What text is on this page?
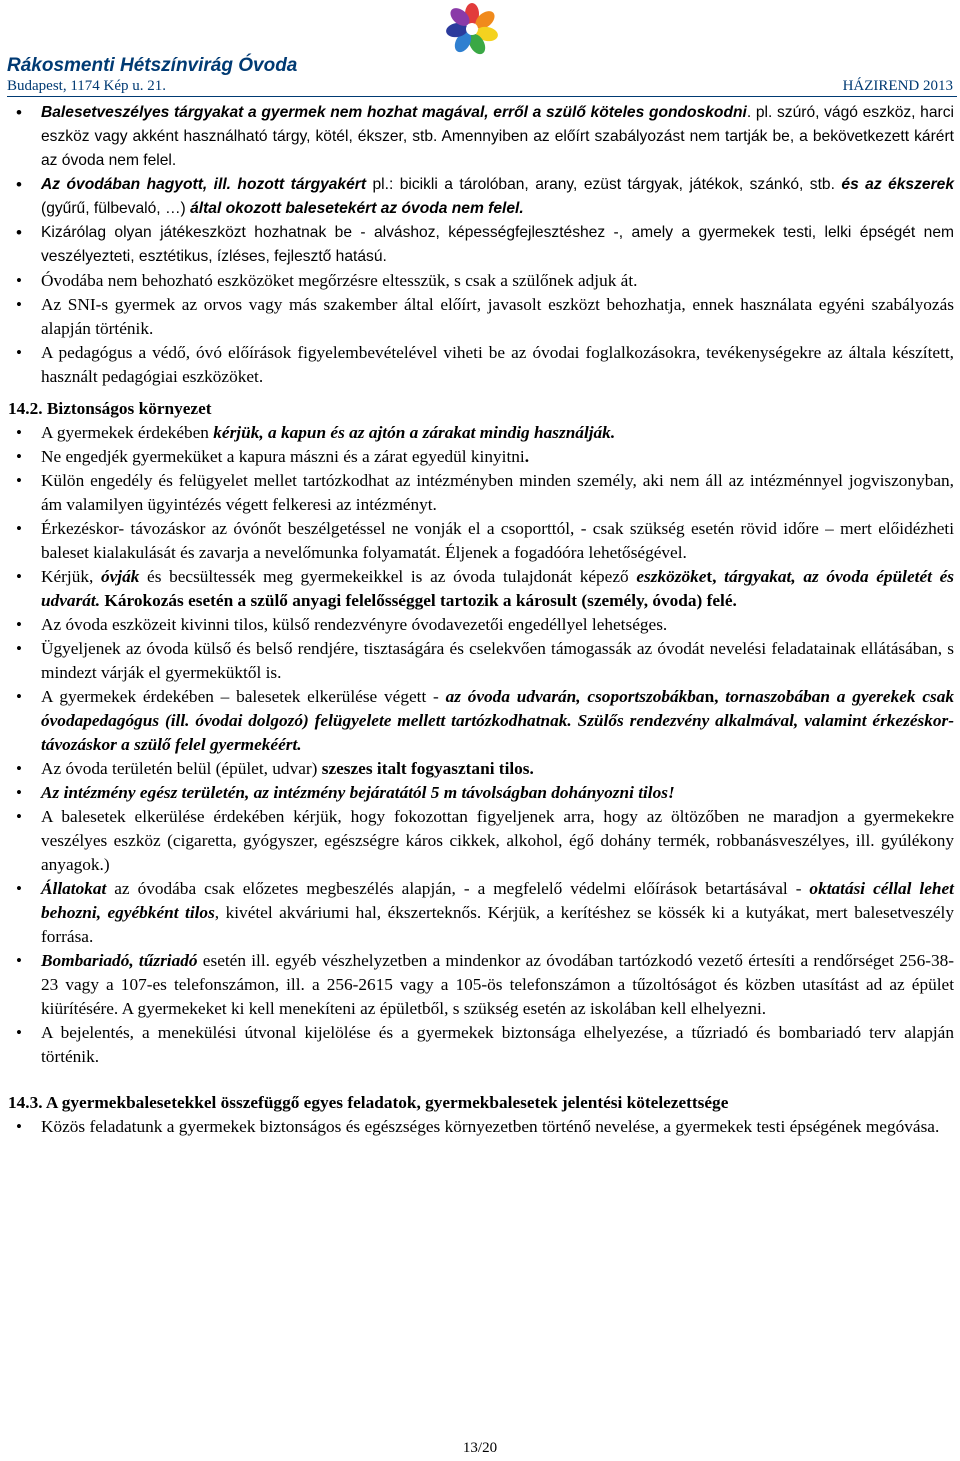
Rákosmenti Hétszínvirág Óvoda
Budapest, 1174 Kép u. 21.	HÁZIREND 2013
• Balesetveszélyes tárgyakat a gyermek nem hozhat magával, erről a szülő köteles gondoskodni. pl. szúró, vágó eszköz, harci eszköz vagy akként használható tárgy, kötél, ékszer, stb. Amennyiben az előírt szabályozást nem tartják be, a bekövetkezett kárért az óvoda nem felel.
• Az óvodában hagyott, ill. hozott tárgyakért pl.: bicikli a tárolóban, arany, ezüst tárgyak, játékok, szánkó, stb. és az ékszerek (gyűrű, fülbevaló, …) által okozott balesetekért az óvoda nem felel.
• Kizárólag olyan játékeszközt hozhatnak be - alváshoz, képességfejlesztéshez -, amely a gyermekek testi, lelki épségét nem veszélyezteti, esztétikus, ízléses, fejlesztő hatású.
• Óvodába nem behozható eszközöket megőrzésre eltesszük, s csak a szülőnek adjuk át.
• Az SNI-s gyermek az orvos vagy más szakember által előírt, javasolt eszközt behozhatja, ennek használata egyéni szabályozás alapján történik.
• A pedagógus a védő, óvó előírások figyelembevételével viheti be az óvodai foglalkozásokra, tevékenységekre az általa készített, használt pedagógiai eszközöket.
14.2. Biztonságos környezet
• A gyermekek érdekében kérjük, a kapun és az ajtón a zárakat mindig használják.
• Ne engedjék gyermeküket a kapura mászni és a zárat egyedül kinyitni.
• Külön engedély és felügyelet mellet tartózkodhat az intézményben minden személy, aki nem áll az intézménnyel jogviszonyban, ám valamilyen ügyintézés végett felkeresi az intézményt.
• Érkezéskor- távozáskor az óvónőt beszélgetéssel ne vonják el a csoporttól, - csak szükség esetén rövid időre – mert előidézheti baleset kialakulását és zavarja a nevelőmunka folyamatát. Éljenek a fogadóóra lehetőségével.
• Kérjük, óvják és becsültessék meg gyermekeikkel is az óvoda tulajdonát képező eszközöket, tárgyakat, az óvoda épületét és udvarát. Károkozás esetén a szülő anyagi felelősséggel tartozik a károsult (személy, óvoda) felé.
• Az óvoda eszközeit kivinni tilos, külső rendezvényre óvodavezetői engedéllyel lehetséges.
• Ügyeljenek az óvoda külső és belső rendjére, tisztaságára és cselekvően támogassák az óvodát nevelési feladatainak ellátásában, s mindezt várják el gyermeküktől is.
• A gyermekek érdekében – balesetek elkerülése végett - az óvoda udvarán, csoportszobákban, tornaszobában a gyerekek csak óvodapedagógus (ill. óvodai dolgozó) felügyelete mellett tartózkodhatnak. Szülős rendezvény alkalmával, valamint érkezéskor-távozáskor a szülő felel gyermekéért.
• Az óvoda területén belül (épület, udvar) szeszes italt fogyasztani tilos.
• Az intézmény egész területén, az intézmény bejáratától 5 m távolságban dohányozni tilos!
• A balesetek elkerülése érdekében kérjük, hogy fokozottan figyeljenek arra, hogy az öltözőben ne maradjon a gyermekekre veszélyes eszköz (cigaretta, gyógyszer, egészségre káros cikkek, alkohol, égő dohány termék, robbanásveszélyes, ill. gyúlékony anyagok.)
• Állatokat az óvodába csak előzetes megbeszélés alapján, - a megfelelő védelmi előírások betartásával - oktatási céllal lehet behozni, egyébként tilos, kivétel akváriumi hal, ékszerteknős. Kérjük, a kerítéshez se kössék ki a kutyákat, mert balesetveszély forrása.
• Bombariadó, tűzriadó esetén ill. egyéb vészhelyzetben a mindenkor az óvodában tartózkodó vezető értesíti a rendőrséget 256-38-23 vagy a 107-es telefonszámon, ill. a 256-2615 vagy a 105-ös telefonszámon a tűzoltóságot és közben utasítást ad az épület kiürítésére. A gyermekeket ki kell menekíteni az épületből, s szükség esetén az iskolában kell elhelyezni.
• A bejelentés, a menekülési útvonal kijelölése és a gyermekek biztonsága elhelyezése, a tűzriadó és bombariadó terv alapján történik.
14.3. A gyermekbalesetekkel összefüggő egyes feladatok, gyermekbalesetek jelentési kötelezettsége
• Közös feladatunk a gyermekek biztonságos és egészséges környezetben történő nevelése, a gyermekek testi épségének megóvása.
13/20
